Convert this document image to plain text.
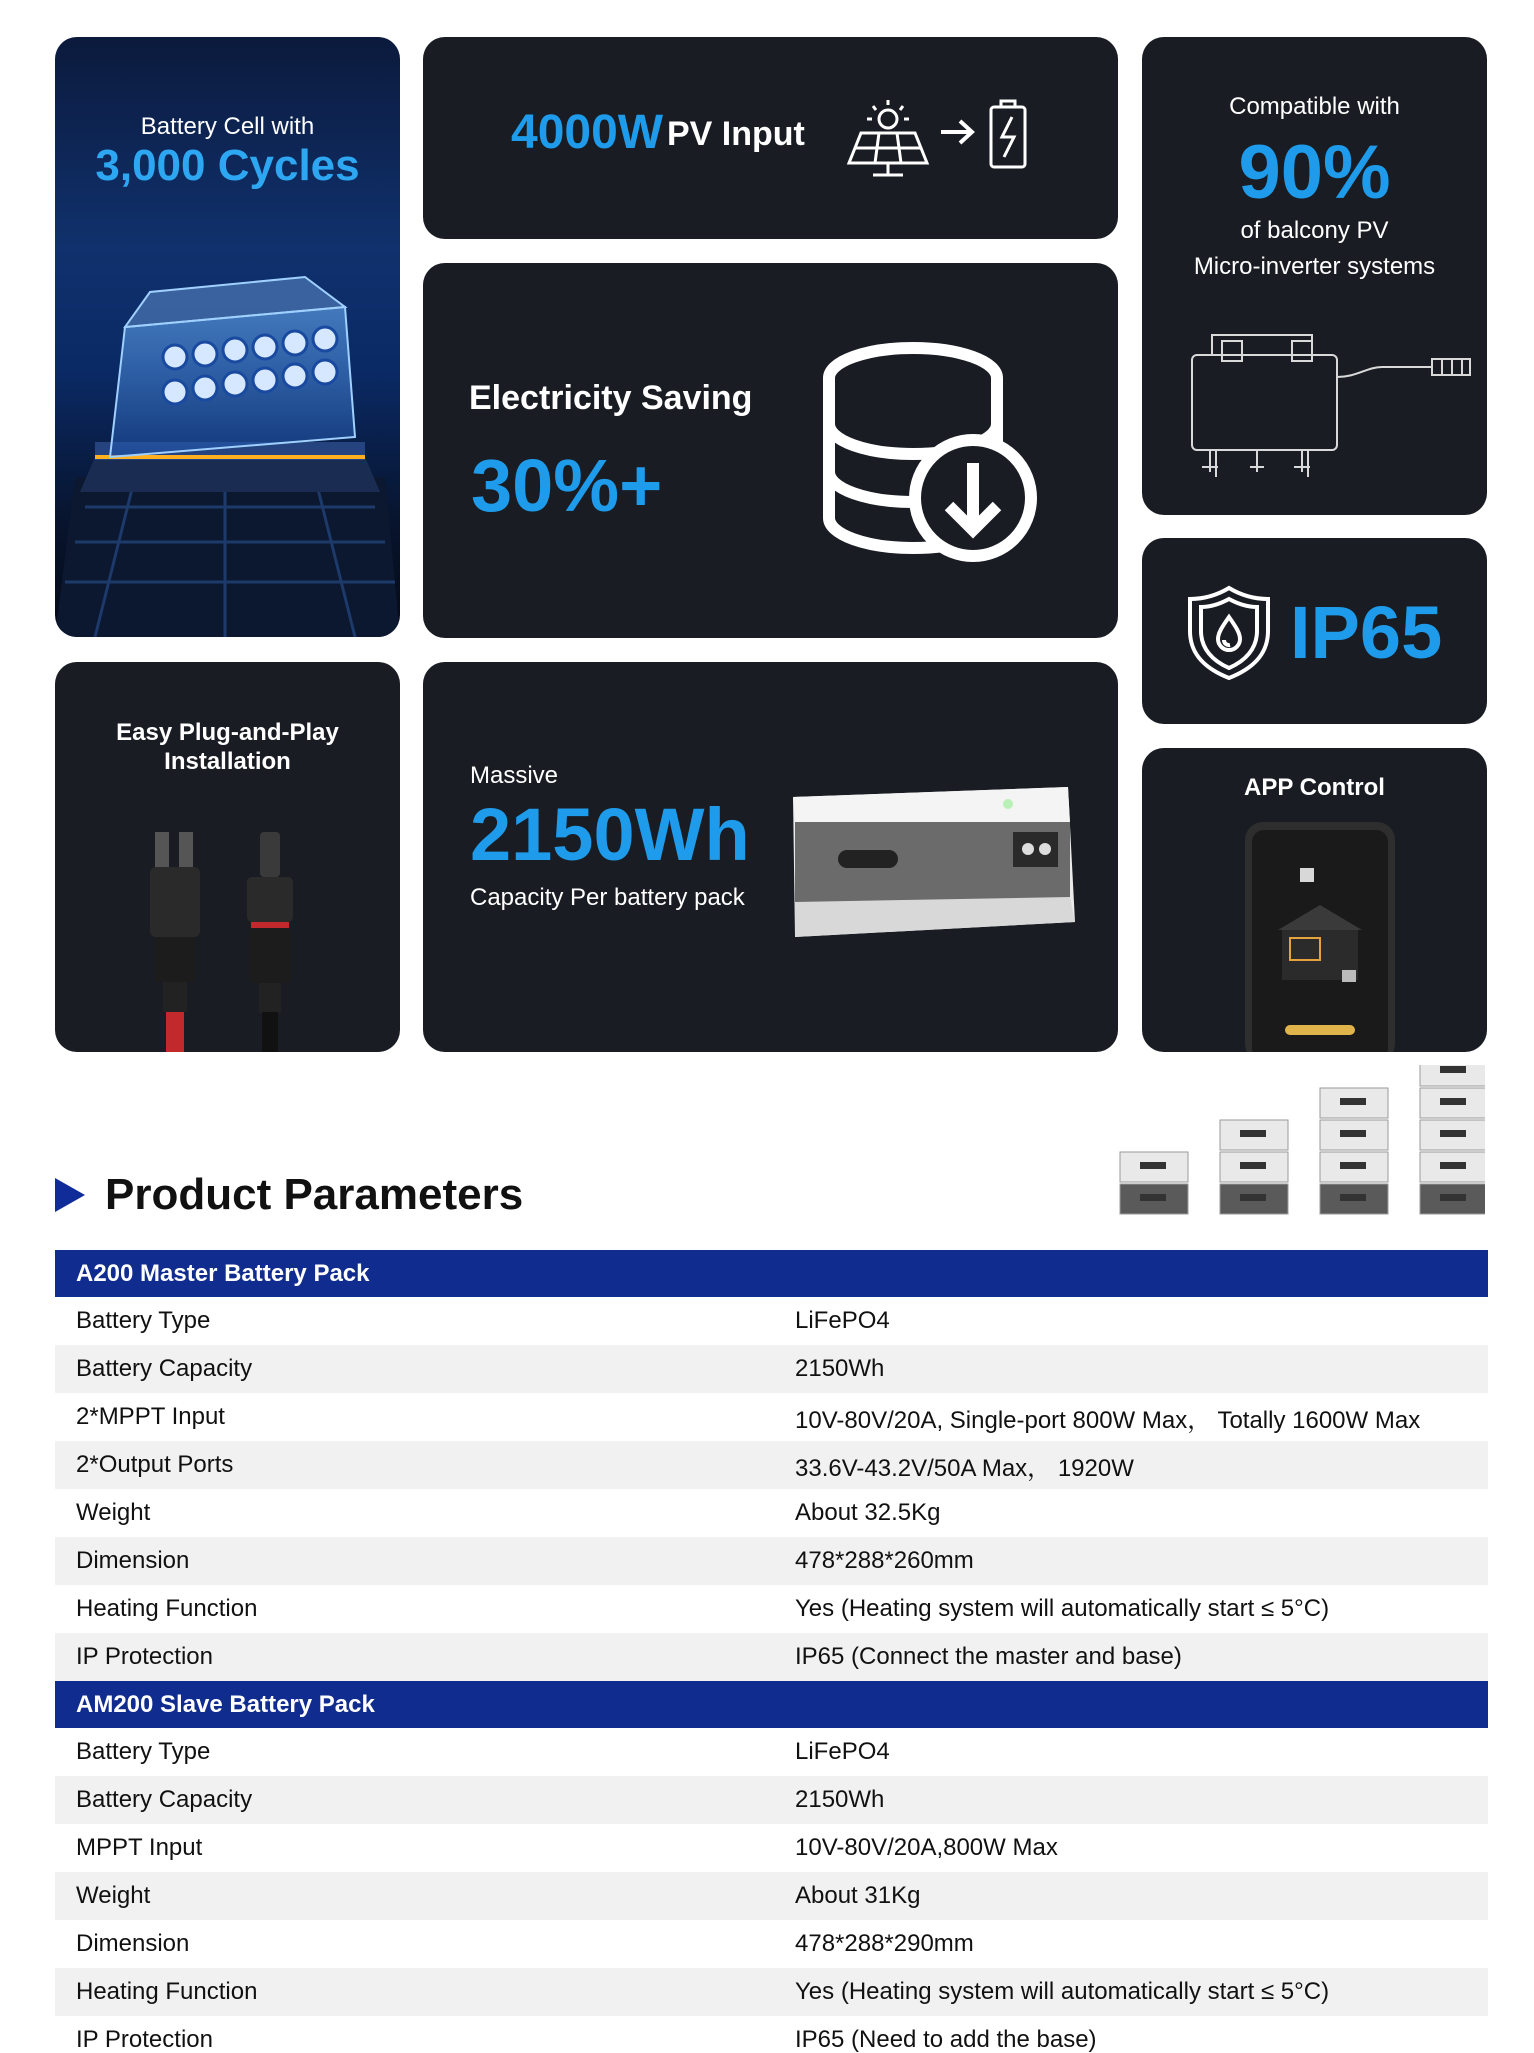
Battery Cell with
3,000 Cycles
4000W PV Input
Electricity Saving
30%+
Compatible with
90%
of balcony PV
Micro-inverter systems
IP65
Easy Plug-and-Play
Installation
Massive
2150Wh
Capacity Per battery pack
APP Control
Product Parameters
A200 Master Battery Pack
Battery Type	LiFePO4
Battery Capacity	2150Wh
2*MPPT Input	10V-80V/20A, Single-port 800W Max， Totally 1600W Max
2*Output Ports	33.6V-43.2V/50A Max， 1920W
Weight	About 32.5Kg
Dimension	478*288*260mm
Heating Function	Yes (Heating system will automatically start ≤ 5°C)
IP Protection	IP65 (Connect the master and base)
AM200 Slave Battery Pack
Battery Type	LiFePO4
Battery Capacity	2150Wh
MPPT Input	10V-80V/20A,800W Max
Weight	About 31Kg
Dimension	478*288*290mm
Heating Function	Yes (Heating system will automatically start ≤ 5°C)
IP Protection	IP65 (Need to add the base)
